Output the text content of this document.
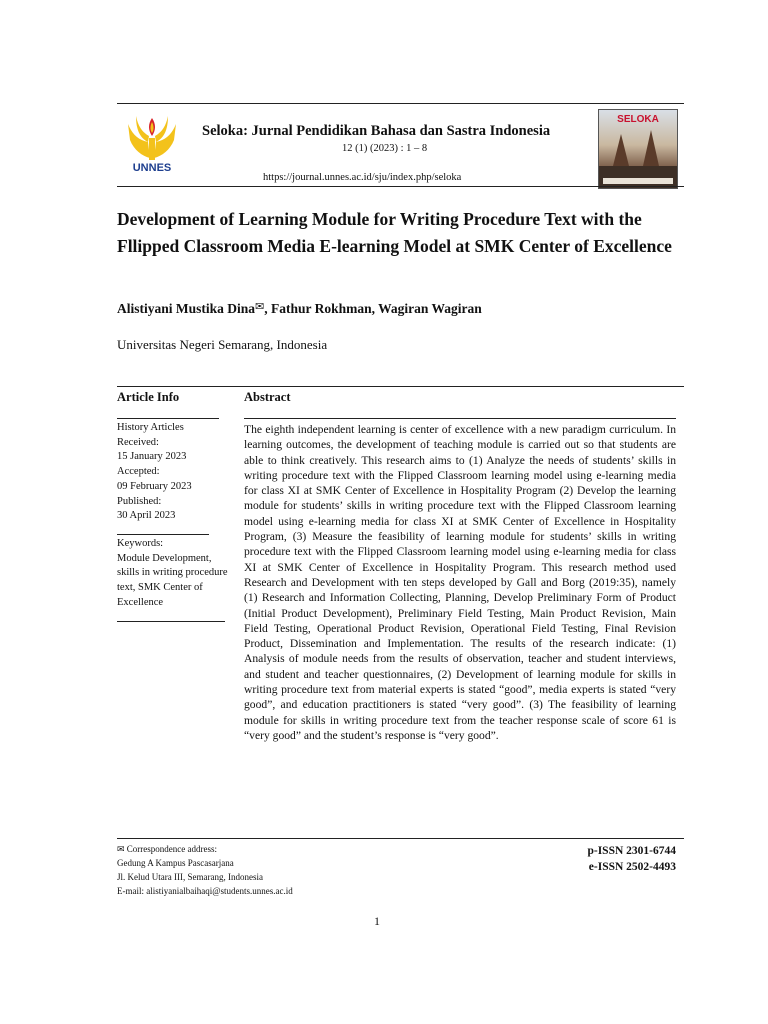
UNNES
Seloka: Jurnal Pendidikan Bahasa dan Sastra Indonesia
12 (1) (2023) : 1 – 8
https://journal.unnes.ac.id/sju/index.php/seloka
SELOKA
Development of Learning Module for Writing Procedure Text with the Fllipped Classroom Media E-learning Model at SMK Center of Excellence
Alistiyani Mustika Dina✉, Fathur Rokhman, Wagiran Wagiran
Universitas Negeri Semarang, Indonesia
Article Info	Abstract
History Articles
Received:
15 January 2023
Accepted:
09 February 2023
Published:
30 April 2023
Keywords:
Module Development, skills in writing procedure text, SMK Center of Excellence
The eighth independent learning is center of excellence with a new paradigm curriculum. In learning outcomes, the development of teaching module is carried out so that students are able to think creatively. This research aims to (1) Analyze the needs of students’ skills in writing procedure text with the Flipped Classroom learning model using e-learning media for class XI at SMK Center of Excellence in Hospitality Program (2) Develop the learning module for students’ skills in writing procedure text with the Flipped Classroom learning model using e-learning media for class XI at SMK Center of Excellence in Hospitality Program, (3) Measure the feasibility of learning module for students’ skills in writing procedure text with the Flipped Classroom learning model using e-learning media for class XI at SMK Center of Excellence in Hospitality Program. This research method used Research and Development with ten steps developed by Gall and Borg (2019:35), namely (1) Research and Information Collecting, Planning, Develop Preliminary Form of Product (Initial Product Development), Preliminary Field Testing, Main Product Revision, Main Field Testing, Operational Product Revision, Operational Field Testing, Final Revision Product, Dissemination and Implementation. The results of the research indicate: (1) Analysis of module needs from the results of observation, teacher and student interviews, and student and teacher questionnaires, (2) Development of learning module for skills in writing procedure text from material experts is stated “good”, media experts is stated “very good”, and education practitioners is stated “very good”. (3) The feasibility of learning module for skills in writing procedure text from the teacher response scale of score 61 is “very good” and the student’s response is “very good”.
✉ Correspondence address:
Gedung A Kampus Pascasarjana
Jl. Kelud Utara III, Semarang, Indonesia
E-mail: alistiyanialbaihaqi@students.unnes.ac.id
p-ISSN 2301-6744
e-ISSN 2502-4493
1
